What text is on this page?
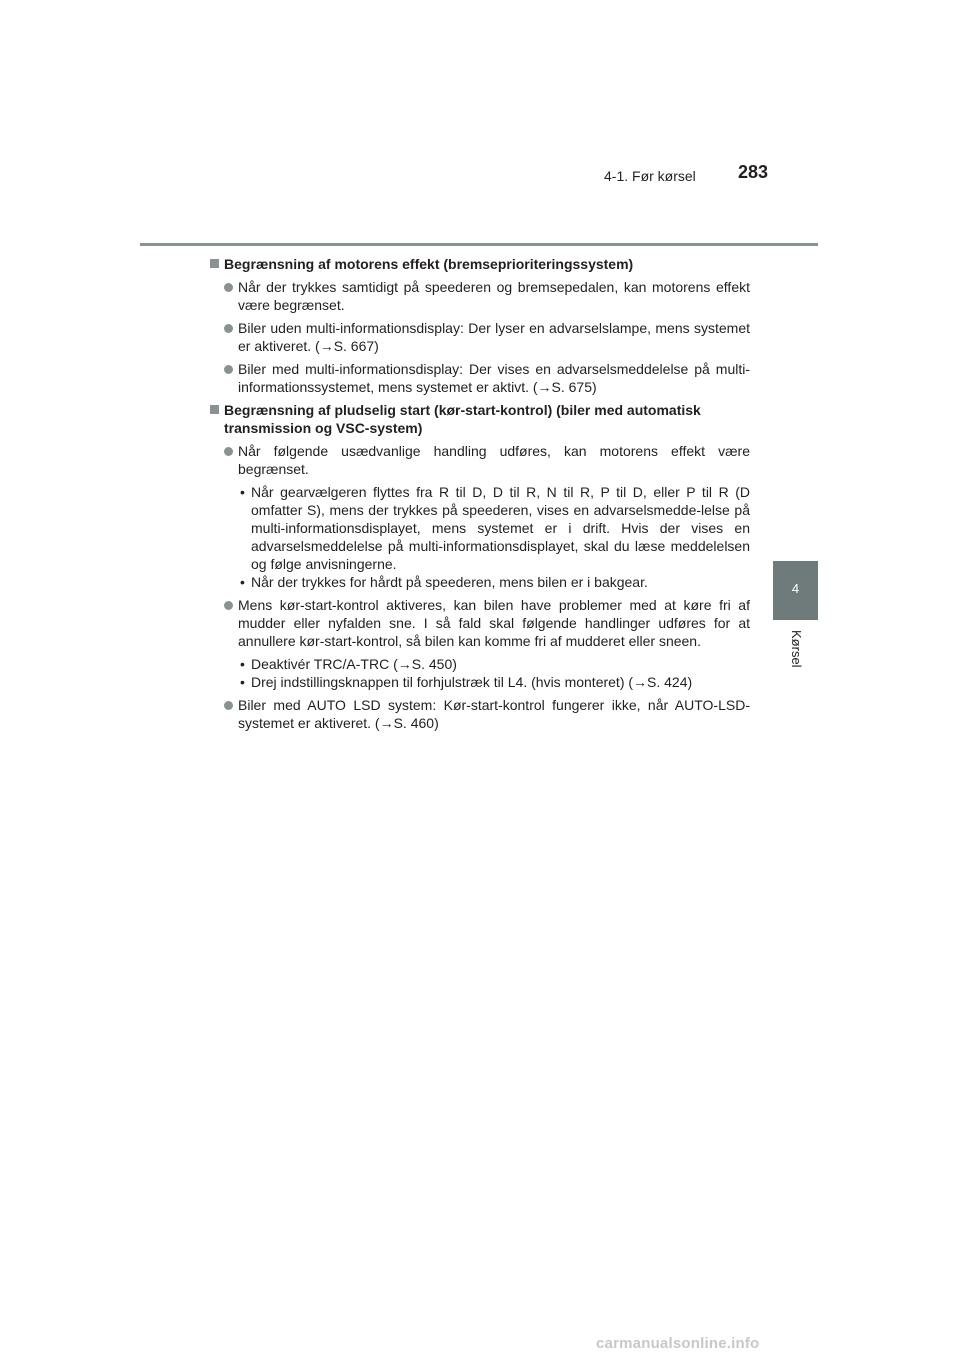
4-1. Før kørsel 283
4
Kørsel
Begrænsning af motorens effekt (bremseprioriteringssystem)
Når der trykkes samtidigt på speederen og bremsepedalen, kan motorens effekt være begrænset.
Biler uden multi-informationsdisplay: Der lyser en advarselslampe, mens systemet er aktiveret. (→S. 667)
Biler med multi-informationsdisplay: Der vises en advarselsmeddelelse på multi-informationssystemet, mens systemet er aktivt. (→S. 675)
Begrænsning af pludselig start (kør-start-kontrol) (biler med automatisk transmission og VSC-system)
Når følgende usædvanlige handling udføres, kan motorens effekt være begrænset.
• Når gearvælgeren flyttes fra R til D, D til R, N til R, P til D, eller P til R (D omfatter S), mens der trykkes på speederen, vises en advarselsmedde-lelse på multi-informationsdisplayet, mens systemet er i drift. Hvis der vises en advarselsmeddelelse på multi-informationsdisplayet, skal du læse meddelelsen og følge anvisningerne.
• Når der trykkes for hårdt på speederen, mens bilen er i bakgear.
Mens kør-start-kontrol aktiveres, kan bilen have problemer med at køre fri af mudder eller nyfalden sne. I så fald skal følgende handlinger udføres for at annullere kør-start-kontrol, så bilen kan komme fri af mudderet eller sneen.
• Deaktivér TRC/A-TRC (→S. 450)
• Drej indstillingsknappen til forhjulstræk til L4. (hvis monteret) (→S. 424)
Biler med AUTO LSD system: Kør-start-kontrol fungerer ikke, når AUTO-LSD-systemet er aktiveret. (→S. 460)
carmanualsonline.info
